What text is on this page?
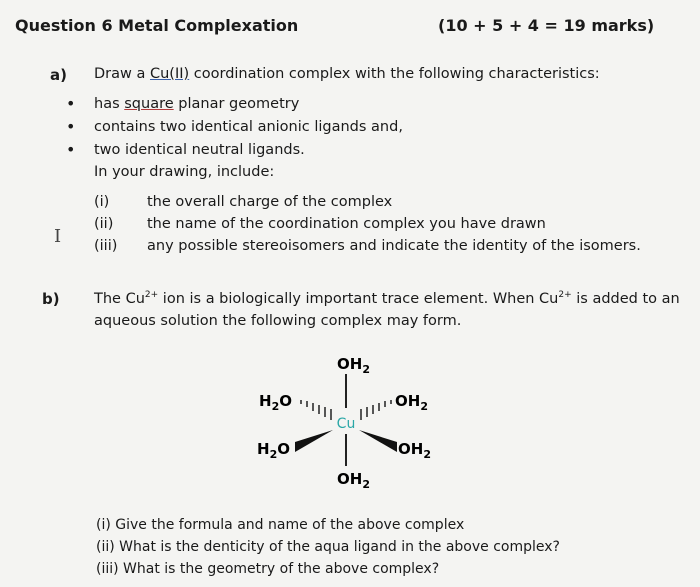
Question 6 Metal Complexation	(10 + 5 + 4 = 19 marks)
a) Draw a Cu(II) coordination complex with the following characteristics:
• has square planar geometry
• contains two identical anionic ligands and,
• two identical neutral ligands.
In your drawing, include:
(i)	the overall charge of the complex
(ii) the name of the coordination complex you have drawn
(iii) any possible stereoisomers and indicate the identity of the isomers.
I
b) The $Cu^{2+}$ ion is a biologically important trace element. When $Cu^{2+}$ is added to an
aqueous solution the following complex may form.
Cu
$OH_2$
$OH_2$
$H_2O$
$H_2O$
$OH_2$
$OH_2$
(i) Give the formula and name of the above complex
(ii) What is the denticity of the aqua ligand in the above complex?
(iii) What is the geometry of the above complex?
